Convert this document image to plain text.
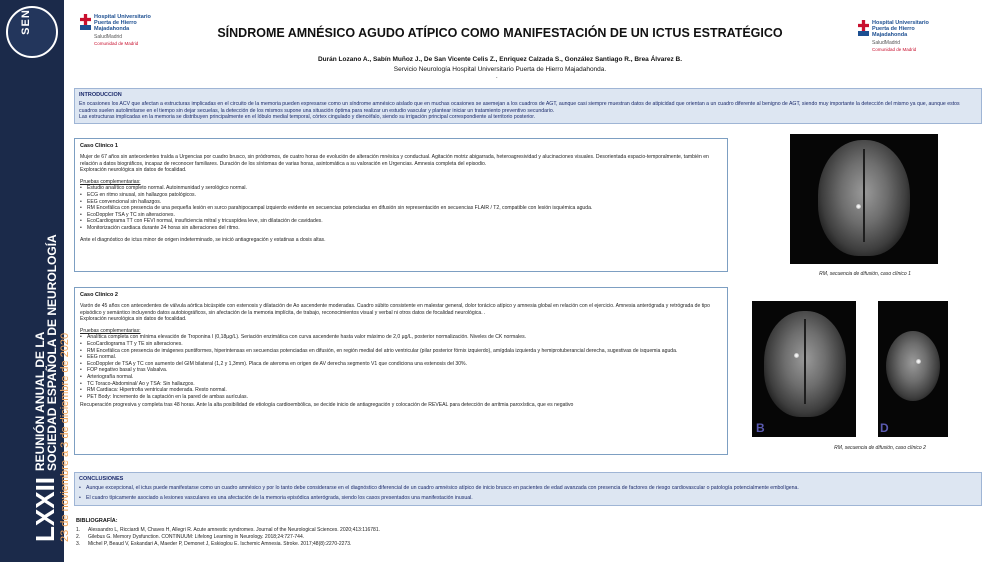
SEN
LXXII
REUNIÓN ANUAL DE LA
SOCIEDAD ESPAÑOLA DE NEUROLOGÍA 23 de noviembre a 3 de diciembre de 2020
Hospital Universitario
Puerta de Hierro
Majadahonda
SaludMadrid
Comunidad de Madrid
Hospital Universitario
Puerta de Hierro
Majadahonda
SaludMadrid
Comunidad de Madrid
SÍNDROME AMNÉSICO AGUDO ATÍPICO COMO MANIFESTACIÓN DE UN ICTUS ESTRATÉGICO
Durán Lozano A., Sabín Muñoz J., De San Vicente Celis Z., Enriquez Calzada S., González Santiago R., Brea Álvarez B.
Servicio Neurología Hospital Universitario Puerta de Hierro Majadahonda.
.
INTRODUCCION

En ocasiones los ACV que afectan a estructuras implicadas en el circuito de la memoria pueden expresarse como un síndrome amnésico aislado que en muchas ocasiones se asemejan a los cuadros de AGT, aunque casi siempre muestran datos de atipicidad que orientan a un cuadro diferente al benigno de AGT, siendo muy importante la detección del mismo ya que, aunque estos cuadros suelen autolimitarse en el tiempo sin dejar secuelas, la detección de los mismos supone una situación óptima para realizar un estudio vascular y plantear iniciar un tratamiento preventivo secundario.

Las estructuras implicadas en la memoria se distribuyen principalmente en el lóbulo medial temporal, córtex cingulado y diencéfalo, siendo su irrigación principal correspondiente al territorio posterior.

Caso Clínico 1

Mujer de 67 años sin antecedentes traída a Urgencias por cuadro brusco, sin pródromos, de cuatro horas de evolución de alteración mnésica y conductual. Agitación motriz abigarrada, heteroagresividad y alucinaciones visuales. Desorientada espacio-temporalmente, también en relación a datos biográficos, incapaz de reconocer familiares. Duración de los síntomas de varias horas, asintomática a su valoración en Urgencias. Amnesia completa del episodio.

Exploración neurológica sin datos de focalidad.

Pruebas complementarias:
• Estudio analítico completo normal. Autoinmunidad y serológico normal.
• ECG en ritmo sinusal, sin hallazgos patológicos.
• EEG convencional sin hallazgos.
• RM Encefálica con presencia de una pequeña lesión en surco parahipocampal izquierdo evidente en secuencias potenciadas en difusión sin representación en secuencias FLAIR / T2, compatible con lesión isquémica aguda.
• EcoDoppler TSA y TC sin alteraciones.
• EcoCardiograma TT con FEVI normal, insuficiencia mitral y tricuspídea leve, sin dilatación de cavidades.
• Monitorización cardiaca durante 24 horas sin alteraciones del ritmo.

Ante el diagnóstico de ictus minor de origen indeterminado, se inició antiagregación y estatinas a dosis altas.

Caso Clínico 2

Varón de 45 años con antecedentes de válvula aórtica bicúspide con estenosis y dilatación de Ao ascendente moderadas. Cuadro súbito consistente en malestar general, dolor torácico atípico y amnesia global en relación con el ejercicio. Amnesia anterógrada y retrógrada de tipo episódico y semántico incluyendo datos autobiográficos, sin afectación de la memoria implícita, de trabajo, reconocimientos visual y verbal ni otros datos de focalidad neurológica. .

Exploración neurológica sin datos de focalidad.

Pruebas complementarias:
• Analítica completa con mínima elevación de Troponina I (0,18µg/L). Seriación enzimática con curva ascendente hasta valor máximo de 2,0 µg/L, posterior normalización. Niveles de CK normales.
• EcoCardiograma TT y TE sin alteraciones.
• RM Encefálica con presencia de imágenes puntiformes, hiperintensas en secuencias potenciadas en difusión, en región medial del atrio ventricular (pilar posterior fórnix izquierdo), amígdala izquierda y hemiprotuberancial derecha, sugestivas de isquemia aguda.
• EEG normal.
• EcoDoppler de TSA y TC con aumento del GIM bilateral (1,2 y 1,3mm). Placa de ateroma en origen de AV derecha segmento V1 que condiciona una estenosis del 30%.
• FOP negativo basal y tras Valsalva.
• Arteriografía normal.
• TC Toraco-Abdominal/ Ao y TSA: Sin hallazgos.
• RM Cardiaca: Hipertrofia ventricular moderada. Resto normal.
• PET Body: Incremento de la captación en la pared de ambas aurículas.

Recuperación progresiva y completa tras 48 horas. Ante la alta posibilidad de etiología cardioembólica, se decide inicio de antiagregación y colocación de REVEAL para detección de arritmia paroxística, que es negativo

RM, secuencia de difusión, caso clínico 1
B	D
RM, secuencia de difusión, caso clínico 2
CONCLUSIONES
• Aunque excepcional, el ictus puede manifestarse como un cuadro amnésico y por lo tanto debe considerarse en el diagnóstico diferencial de un cuadro amnésico atípico de inicio brusco en pacientes de edad avanzada con presencia de factores de riesgo cardiovascular o patología potencialmente embolígena.
• El cuadro típicamente asociado a lesiones vasculares es una afectación de la memoria episódica anterógrada, siendo los casos presentados una manifestación inusual.
BIBLIOGRAFÍA:
1. Alessandro L, Ricciardi M, Chaves H, Allegri R. Acute amnestic syndromes. Journal of the Neurological Sciences. 2020;413:116781.
2. Gilebus G. Memory Dysfunction. CONTINUUM: Lifelong Learning in Neurology. 2018;24:727-744.
3. Michel P, Beaud V, Eskandari A, Maeder P, Demonet J, Eskioglou E. Ischemic Amnesia. Stroke. 2017;48(8):2270-2273.
